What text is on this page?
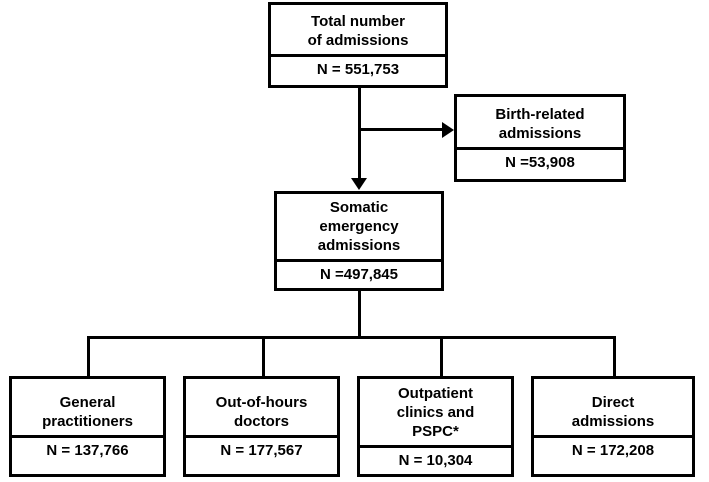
Total number
of admissions
N = 551,753
Birth-related
admissions
N =53,908
Somatic
emergency
admissions
N =497,845
General
practitioners
N = 137,766
Out-of-hours
doctors
N = 177,567
Outpatient
clinics and
PSPC*
N = 10,304
Direct
admissions
N = 172,208
